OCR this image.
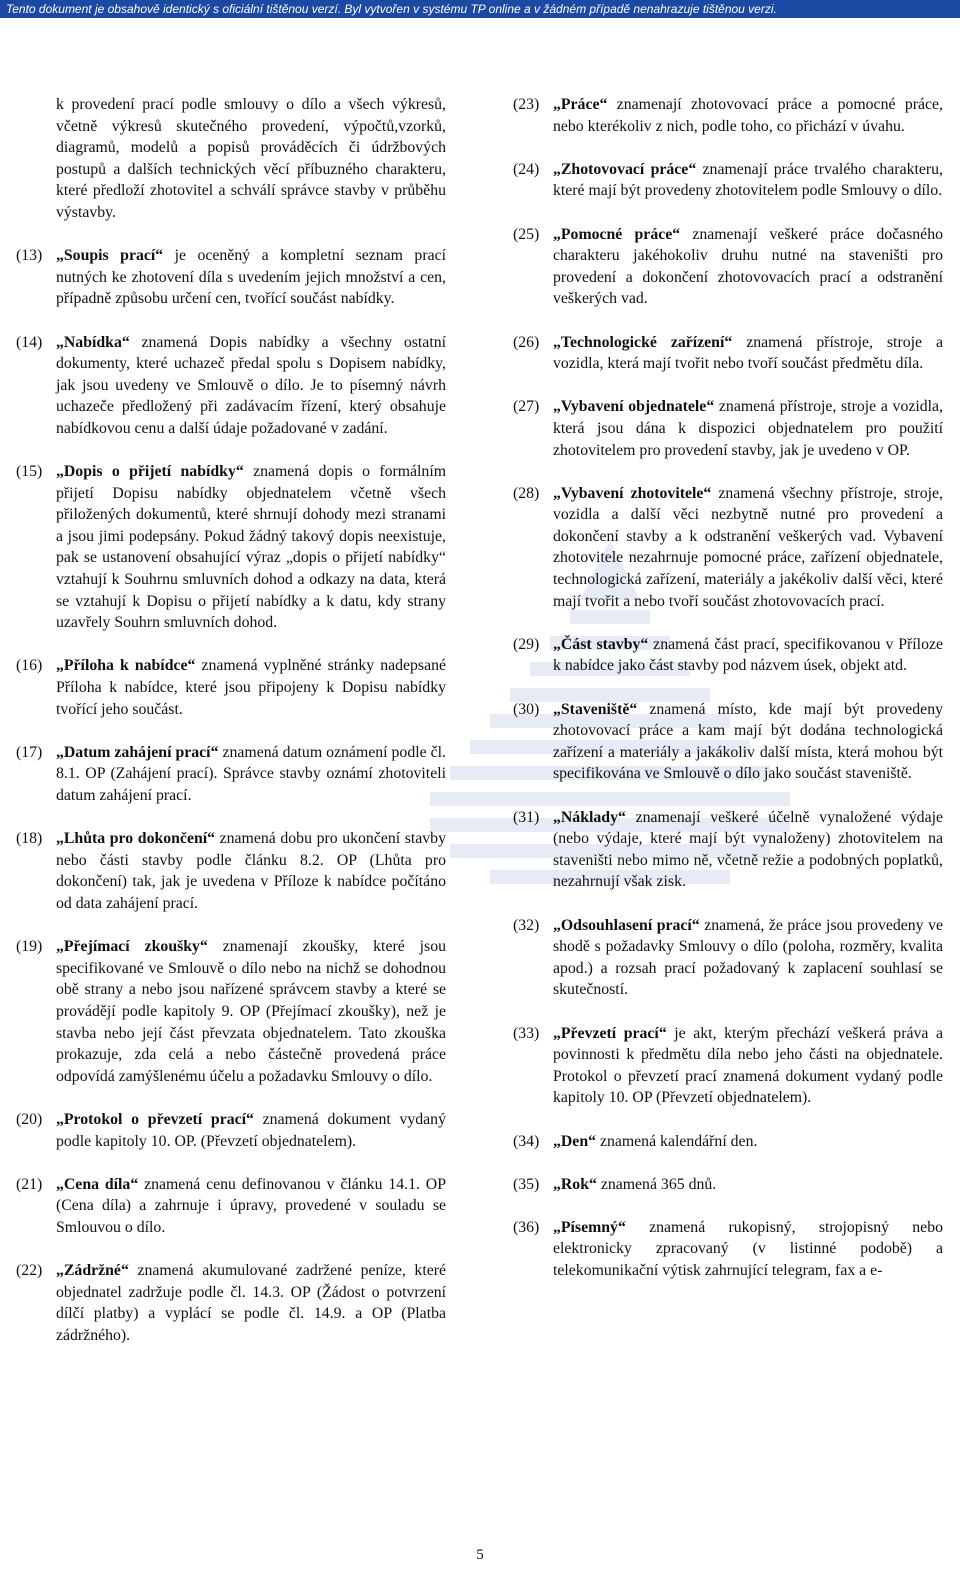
Tento dokument je obsahově identický s oficiální tištěnou verzí. Byl vytvořen v systému TP online a v žádném případě nenahrazuje tištěnou verzi.

k provedení prací podle smlouvy o dílo a všech výkresů, včetně výkresů skutečného provedení, výpočtů,vzorků, diagramů, modelů a popisů prováděcích či údržbových postupů a dalších technických věcí příbuzného charakteru, které předloží zhotovitel a schválí správce stavby v průběhu výstavby.

(13) „Soupis prací“ je oceněný a kompletní seznam prací nutných ke zhotovení díla s uvedením jejich množství a cen, případně způsobu určení cen, tvořící součást nabídky.
(14) „Nabídka“ znamená Dopis nabídky a všechny ostatní dokumenty, které uchazeč předal spolu s Dopisem nabídky, jak jsou uvedeny ve Smlouvě o dílo. Je to písemný návrh uchazeče předložený při zadávacím řízení, který obsahuje nabídkovou cenu a další údaje požadované v zadání.
(15) „Dopis o přijetí nabídky“ znamená dopis o formálním přijetí Dopisu nabídky objednatelem včetně všech přiložených dokumentů, které shrnují dohody mezi stranami a jsou jimi podepsány. Pokud žádný takový dopis neexistuje, pak se ustanovení obsahující výraz „dopis o přijetí nabídky“ vztahují k Souhrnu smluvních dohod a odkazy na data, která se vztahují k Dopisu o přijetí nabídky a k datu, kdy strany uzavřely Souhrn smluvních dohod.
(16) „Příloha k nabídce“ znamená vyplněné stránky nadepsané Příloha k nabídce, které jsou připojeny k Dopisu nabídky tvořící jeho součást.
(17) „Datum zahájení prací“ znamená datum oznámení podle čl. 8.1. OP (Zahájení prací). Správce stavby oznámí zhotoviteli datum zahájení prací.
(18) „Lhůta pro dokončení“ znamená dobu pro ukončení stavby nebo části stavby podle článku 8.2. OP (Lhůta pro dokončení) tak, jak je uvedena v Příloze k nabídce počítáno od data zahájení prací.
(19) „Přejímací zkoušky“ znamenají zkoušky, které jsou specifikované ve Smlouvě o dílo nebo na nichž se dohodnou obě strany a nebo jsou nařízené správcem stavby a které se provádějí podle kapitoly 9. OP (Přejímací zkoušky), než je stavba nebo její část převzata objednatelem. Tato zkouška prokazuje, zda celá a nebo částečně provedená práce odpovídá zamýšlenému účelu a požadavku Smlouvy o dílo.
(20) „Protokol o převzetí prací“ znamená dokument vydaný podle kapitoly 10. OP. (Převzetí objednatelem).
(21) „Cena díla“ znamená cenu definovanou v článku 14.1. OP (Cena díla) a zahrnuje i úpravy, provedené v souladu se Smlouvou o dílo.
(22) „Zádržné“ znamená akumulované zadržené peníze, které objednatel zadržuje podle čl. 14.3. OP (Žádost o potvrzení dílčí platby) a vyplácí se podle čl. 14.9. a OP (Platba zádržného).
(23) „Práce“ znamenají zhotovovací práce a pomocné práce, nebo kterékoliv z nich, podle toho, co přichází v úvahu.
(24) „Zhotovovací práce“ znamenají práce trvalého charakteru, které mají být provedeny zhotovitelem podle Smlouvy o dílo.
(25) „Pomocné práce“ znamenají veškeré práce dočasného charakteru jakéhokoliv druhu nutné na staveništi pro provedení a dokončení zhotovovacích prací a odstranění veškerých vad.
(26) „Technologické zařízení“ znamená přístroje, stroje a vozidla, která mají tvořit nebo tvoří součást předmětu díla.
(27) „Vybavení objednatele“ znamená přístroje, stroje a vozidla, která jsou dána k dispozici objednatelem pro použití zhotovitelem pro provedení stavby, jak je uvedeno v OP.
(28) „Vybavení zhotovitele“ znamená všechny přístroje, stroje, vozidla a další věci nezbytně nutné pro provedení a dokončení stavby a k odstranění veškerých vad. Vybavení zhotovitele nezahrnuje pomocné práce, zařízení objednatele, technologická zařízení, materiály a jakékoliv další věci, které mají tvořit a nebo tvoří součást zhotovovacích prací.
(29) „Část stavby“ znamená část prací, specifikovanou v Příloze k nabídce jako část stavby pod názvem úsek, objekt atd.
(30) „Staveniště“ znamená místo, kde mají být provedeny zhotovovací práce a kam mají být dodána technologická zařízení a materiály a jakákoliv další místa, která mohou být specifikována ve Smlouvě o dílo jako součást staveniště.
(31) „Náklady“ znamenají veškeré účelně vynaložené výdaje (nebo výdaje, které mají být vynaloženy) zhotovitelem na staveništi nebo mimo ně, včetně režie a podobných poplatků, nezahrnují však zisk.
(32) „Odsouhlasení prací“ znamená, že práce jsou provedeny ve shodě s požadavky Smlouvy o dílo (poloha, rozměry, kvalita apod.) a rozsah prací požadovaný k zaplacení souhlasí se skutečností.
(33) „Převzetí prací“ je akt, kterým přechází veškerá práva a povinnosti k předmětu díla nebo jeho části na objednatele. Protokol o převzetí prací znamená dokument vydaný podle kapitoly 10. OP (Převzetí objednatelem).
(34) „Den“ znamená kalendářní den.
(35) „Rok“ znamená 365 dnů.
(36) „Písemný“ znamená rukopisný, strojopisný nebo elektronicky zpracovaný (v listinné podobě) a telekomunikační výtisk zahrnující telegram, fax a e-
5
